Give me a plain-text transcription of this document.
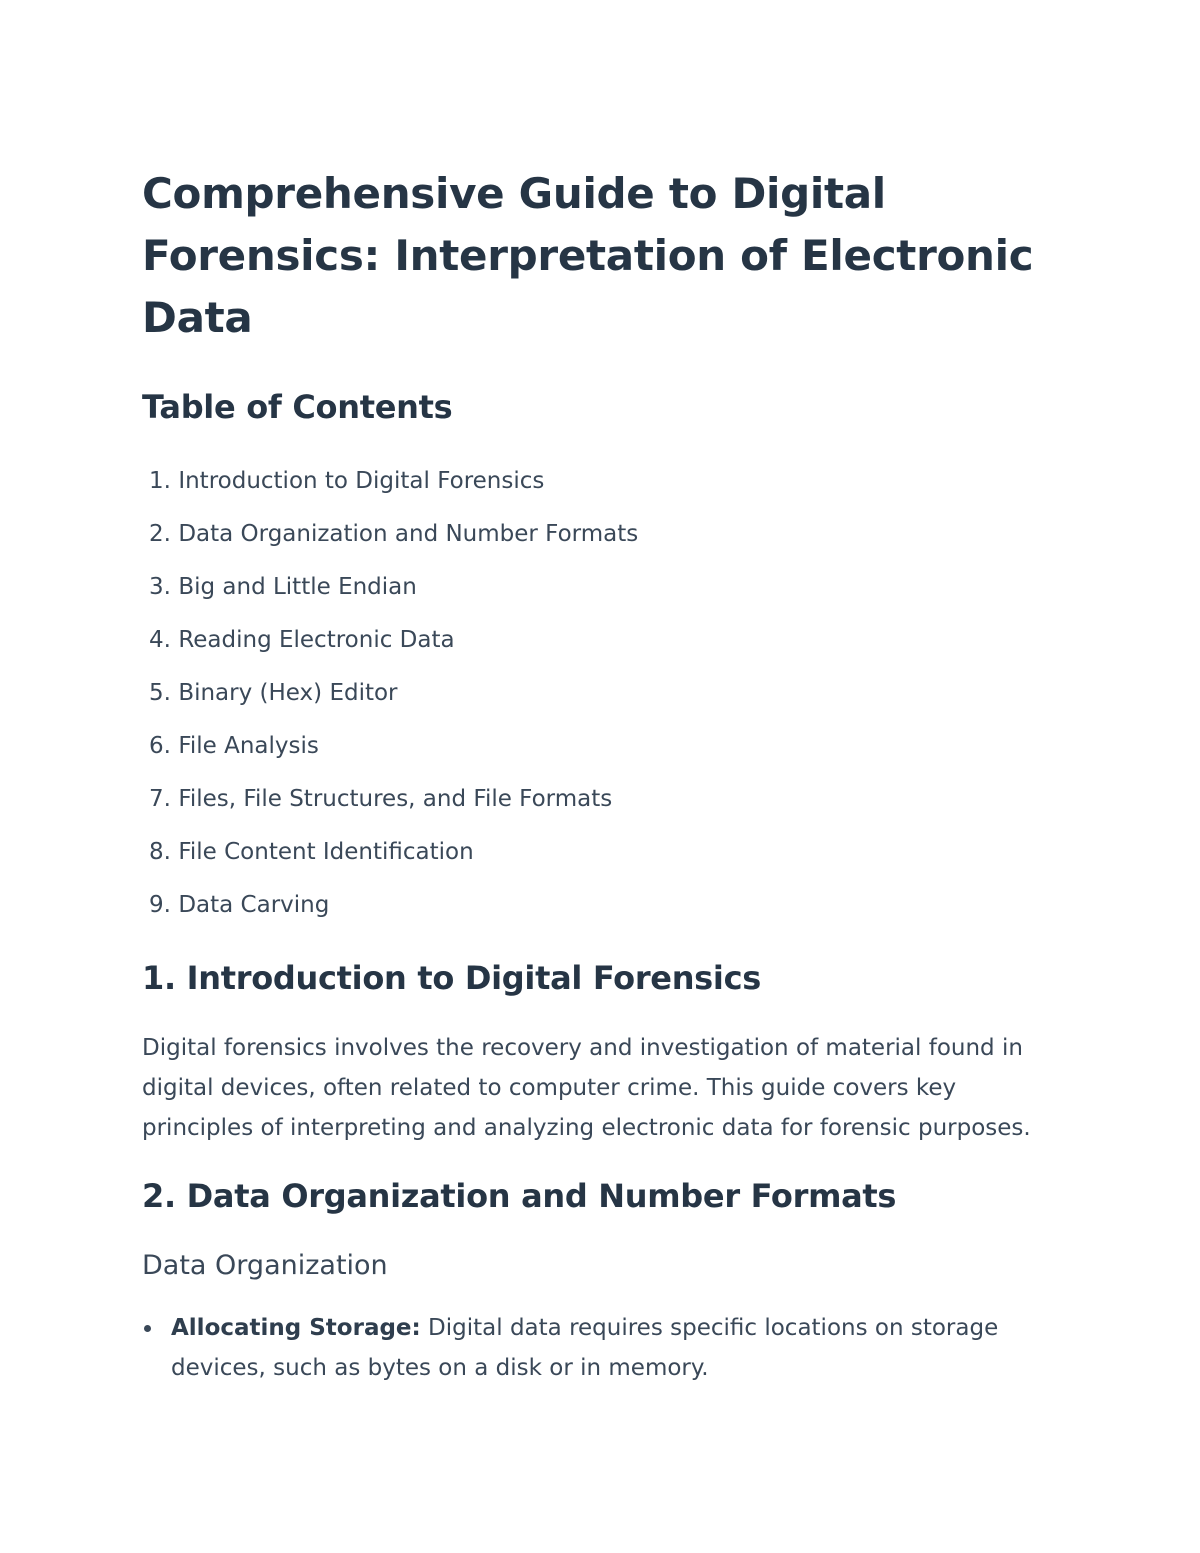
Comprehensive Guide to Digital Forensics: Interpretation of Electronic Data
Table of Contents
1. Introduction to Digital Forensics
2. Data Organization and Number Formats
3. Big and Little Endian
4. Reading Electronic Data
5. Binary (Hex) Editor
6. File Analysis
7. Files, File Structures, and File Formats
8. File Content Identification
9. Data Carving
1. Introduction to Digital Forensics

Digital forensics involves the recovery and investigation of material found in digital devices, often related to computer crime. This guide covers key principles of interpreting and analyzing electronic data for forensic purposes.

2. Data Organization and Number Formats
Data Organization
Allocating Storage: Digital data requires specific locations on storage devices, such as bytes on a disk or in memory.
